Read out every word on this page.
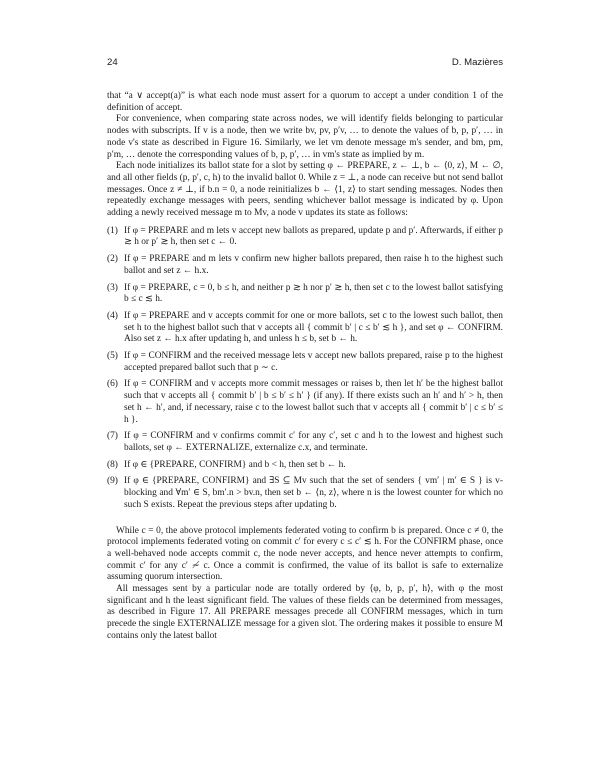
24	D. Mazières

that “a ∨ accept(a)” is what each node must assert for a quorum to accept a under condition 1 of the definition of accept.

For convenience, when comparing state across nodes, we will identify fields belonging to particular nodes with subscripts. If v is a node, then we write bv, pv, p′v, … to denote the values of b, p, p′, … in node v's state as described in Figure 16. Similarly, we let vm denote message m's sender, and bm, pm, p′m, … denote the corresponding values of b, p, p′, … in vm's state as implied by m.

Each node initializes its ballot state for a slot by setting φ ← PREPARE, z ← ⊥, b ← ⟨0, z⟩, M ← ∅, and all other fields (p, p′, c, h) to the invalid ballot 0. While z = ⊥, a node can receive but not send ballot messages. Once z ≠ ⊥, if b.n = 0, a node reinitializes b ← ⟨1, z⟩ to start sending messages. Nodes then repeatedly exchange messages with peers, sending whichever ballot message is indicated by φ. Upon adding a newly received message m to Mv, a node v updates its state as follows:

(1) If φ = PREPARE and m lets v accept new ballots as prepared, update p and p′. Afterwards, if either p ≳ h or p′ ≳ h, then set c ← 0.
(2) If φ = PREPARE and m lets v confirm new higher ballots prepared, then raise h to the highest such ballot and set z ← h.x.
(3) If φ = PREPARE, c = 0, b ≤ h, and neither p ≳ h nor p′ ≳ h, then set c to the lowest ballot satisfying b ≤ c ≲ h.
(4) If φ = PREPARE and v accepts commit for one or more ballots, set c to the lowest such ballot, then set h to the highest ballot such that v accepts all { commit b′ | c ≤ b′ ≲ h }, and set φ ← CONFIRM. Also set z ← h.x after updating h, and unless h ≤ b, set b ← h.
(5) If φ = CONFIRM and the received message lets v accept new ballots prepared, raise p to the highest accepted prepared ballot such that p ∼ c.
(6) If φ = CONFIRM and v accepts more commit messages or raises b, then let h′ be the highest ballot such that v accepts all { commit b′ | b ≤ b′ ≤ h′ } (if any). If there exists such an h′ and h′ > h, then set h ← h′, and, if necessary, raise c to the lowest ballot such that v accepts all { commit b′ | c ≤ b′ ≤ h }.
(7) If φ = CONFIRM and v confirms commit c′ for any c′, set c and h to the lowest and highest such ballots, set φ ← EXTERNALIZE, externalize c.x, and terminate.
(8) If φ ∈ {PREPARE, CONFIRM} and b < h, then set b ← h.
(9) If φ ∈ {PREPARE, CONFIRM} and ∃S ⊆ Mv such that the set of senders { vm′ | m′ ∈ S } is v-blocking and ∀m′ ∈ S, bm′.n > bv.n, then set b ← ⟨n, z⟩, where n is the lowest counter for which no such S exists. Repeat the previous steps after updating b.

While c = 0, the above protocol implements federated voting to confirm b is prepared. Once c ≠ 0, the protocol implements federated voting on commit c′ for every c ≤ c′ ≲ h. For the CONFIRM phase, once a well-behaved node accepts commit c, the node never accepts, and hence never attempts to confirm, commit c′ for any c′ ≁ c. Once a commit is confirmed, the value of its ballot is safe to externalize assuming quorum intersection.

All messages sent by a particular node are totally ordered by ⟨φ, b, p, p′, h⟩, with φ the most significant and h the least significant field. The values of these fields can be determined from messages, as described in Figure 17. All PREPARE messages precede all CONFIRM messages, which in turn precede the single EXTERNALIZE message for a given slot. The ordering makes it possible to ensure M contains only the latest ballot
